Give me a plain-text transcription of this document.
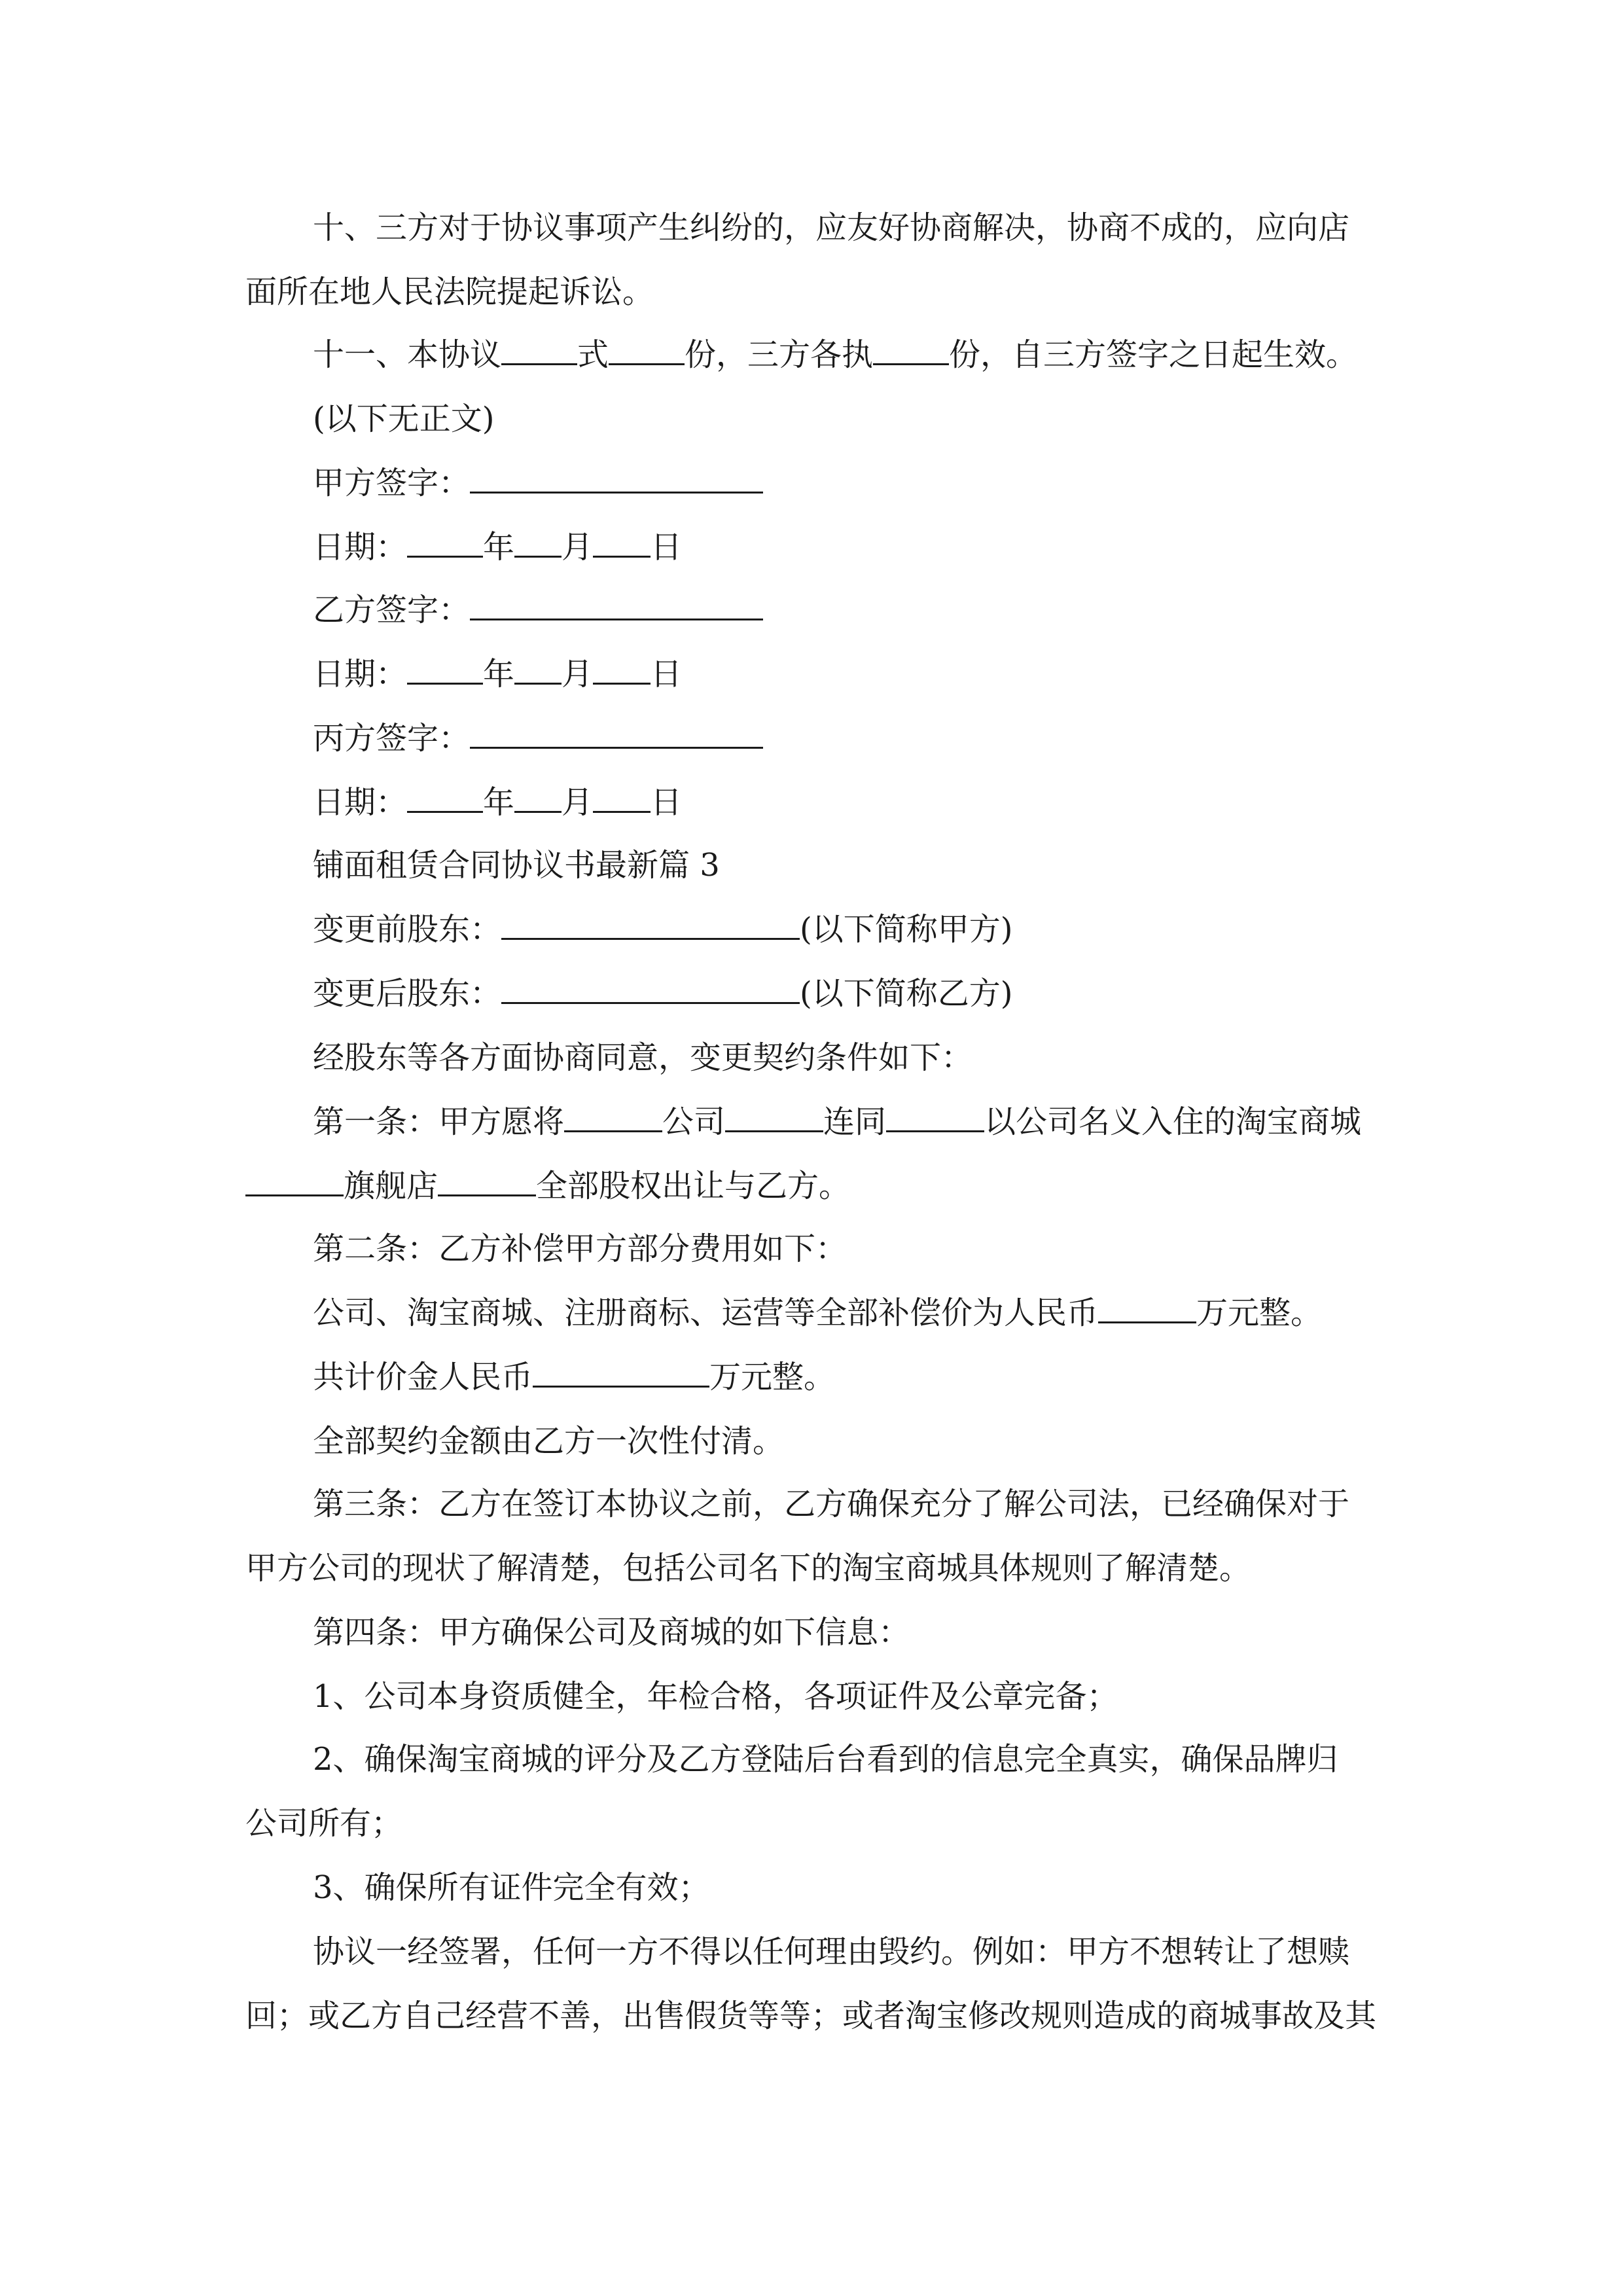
十、三方对于协议事项产生纠纷的，应友好协商解决，协商不成的，应向店
面所在地人民法院提起诉讼。
十一、本协议 式 份，三方各执 份，自三方签字之日起生效。
(以下无正文)
甲方签字：
日期： 年 月 日
乙方签字：
日期： 年 月 日
丙方签字：
日期： 年 月 日
铺面租赁合同协议书最新篇 3
变更前股东：	(以下简称甲方)
变更后股东：	(以下简称乙方)
经股东等各方面协商同意，变更契约条件如下：
第一条：甲方愿将	公司	连同	以公司名义入住的淘宝商城
旗舰店	全部股权出让与乙方。
第二条：乙方补偿甲方部分费用如下：
公司、淘宝商城、注册商标、运营等全部补偿价为人民币	万元整。
共计价金人民币	万元整。
全部契约金额由乙方一次性付清。
第三条：乙方在签订本协议之前，乙方确保充分了解公司法，已经确保对于
甲方公司的现状了解清楚，包括公司名下的淘宝商城具体规则了解清楚。
第四条：甲方确保公司及商城的如下信息：
1、公司本身资质健全，年检合格，各项证件及公章完备；
2、确保淘宝商城的评分及乙方登陆后台看到的信息完全真实，确保品牌归
公司所有；
3、确保所有证件完全有效；
协议一经签署，任何一方不得以任何理由毁约。例如：甲方不想转让了想赎
回；或乙方自己经营不善，出售假货等等；或者淘宝修改规则造成的商城事故及其
